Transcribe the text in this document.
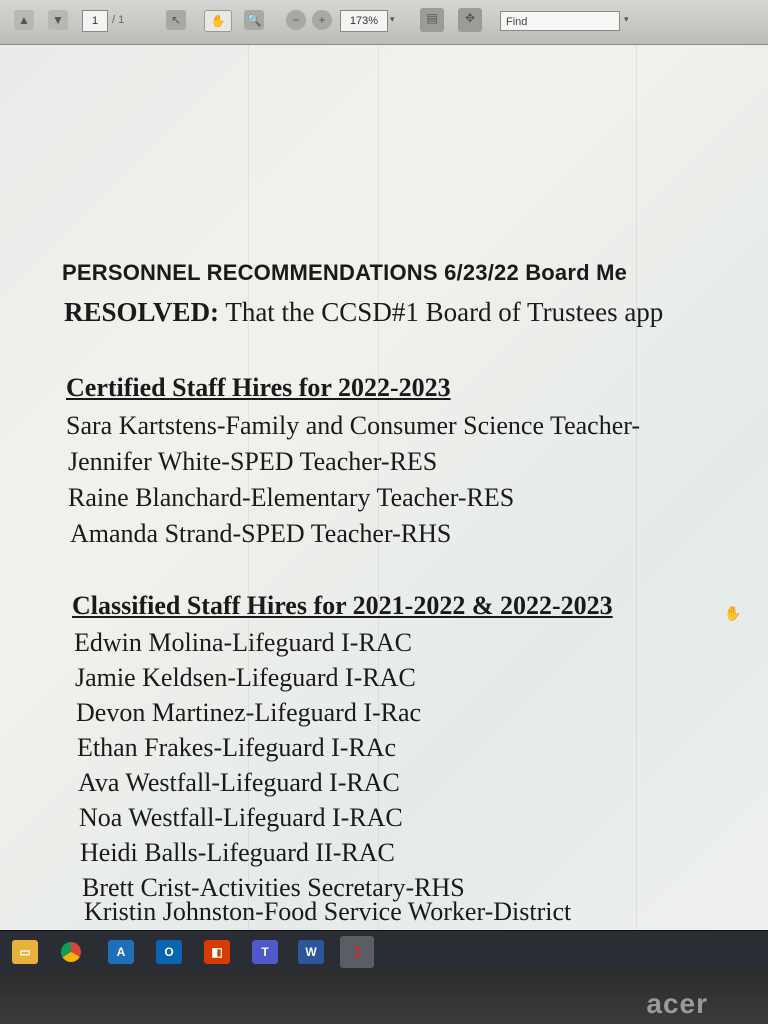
▲	▼	1	/ 1	↖	✋	🔍	−	+	173%	▾	▤	✥	Find	▾
PERSONNEL RECOMMENDATIONS 6/23/22 Board Me
RESOLVED: That the CCSD#1 Board of Trustees app
Certified Staff Hires for 2022-2023
Sara Kartstens-Family and Consumer Science Teacher-
Jennifer White-SPED Teacher-RES
Raine Blanchard-Elementary Teacher-RES
Amanda Strand-SPED Teacher-RHS
Classified Staff Hires for 2021-2022 & 2022-2023	✋
Edwin Molina-Lifeguard I-RAC
Jamie Keldsen-Lifeguard I-RAC
Devon Martinez-Lifeguard I-Rac
Ethan Frakes-Lifeguard I-RAc
Ava Westfall-Lifeguard I-RAC
Noa Westfall-Lifeguard I-RAC
Heidi Balls-Lifeguard II-RAC
Brett Crist-Activities Secretary-RHS
Kristin Johnston-Food Service Worker-District
▭	A	O	◧	T	W	ℷ
acer
